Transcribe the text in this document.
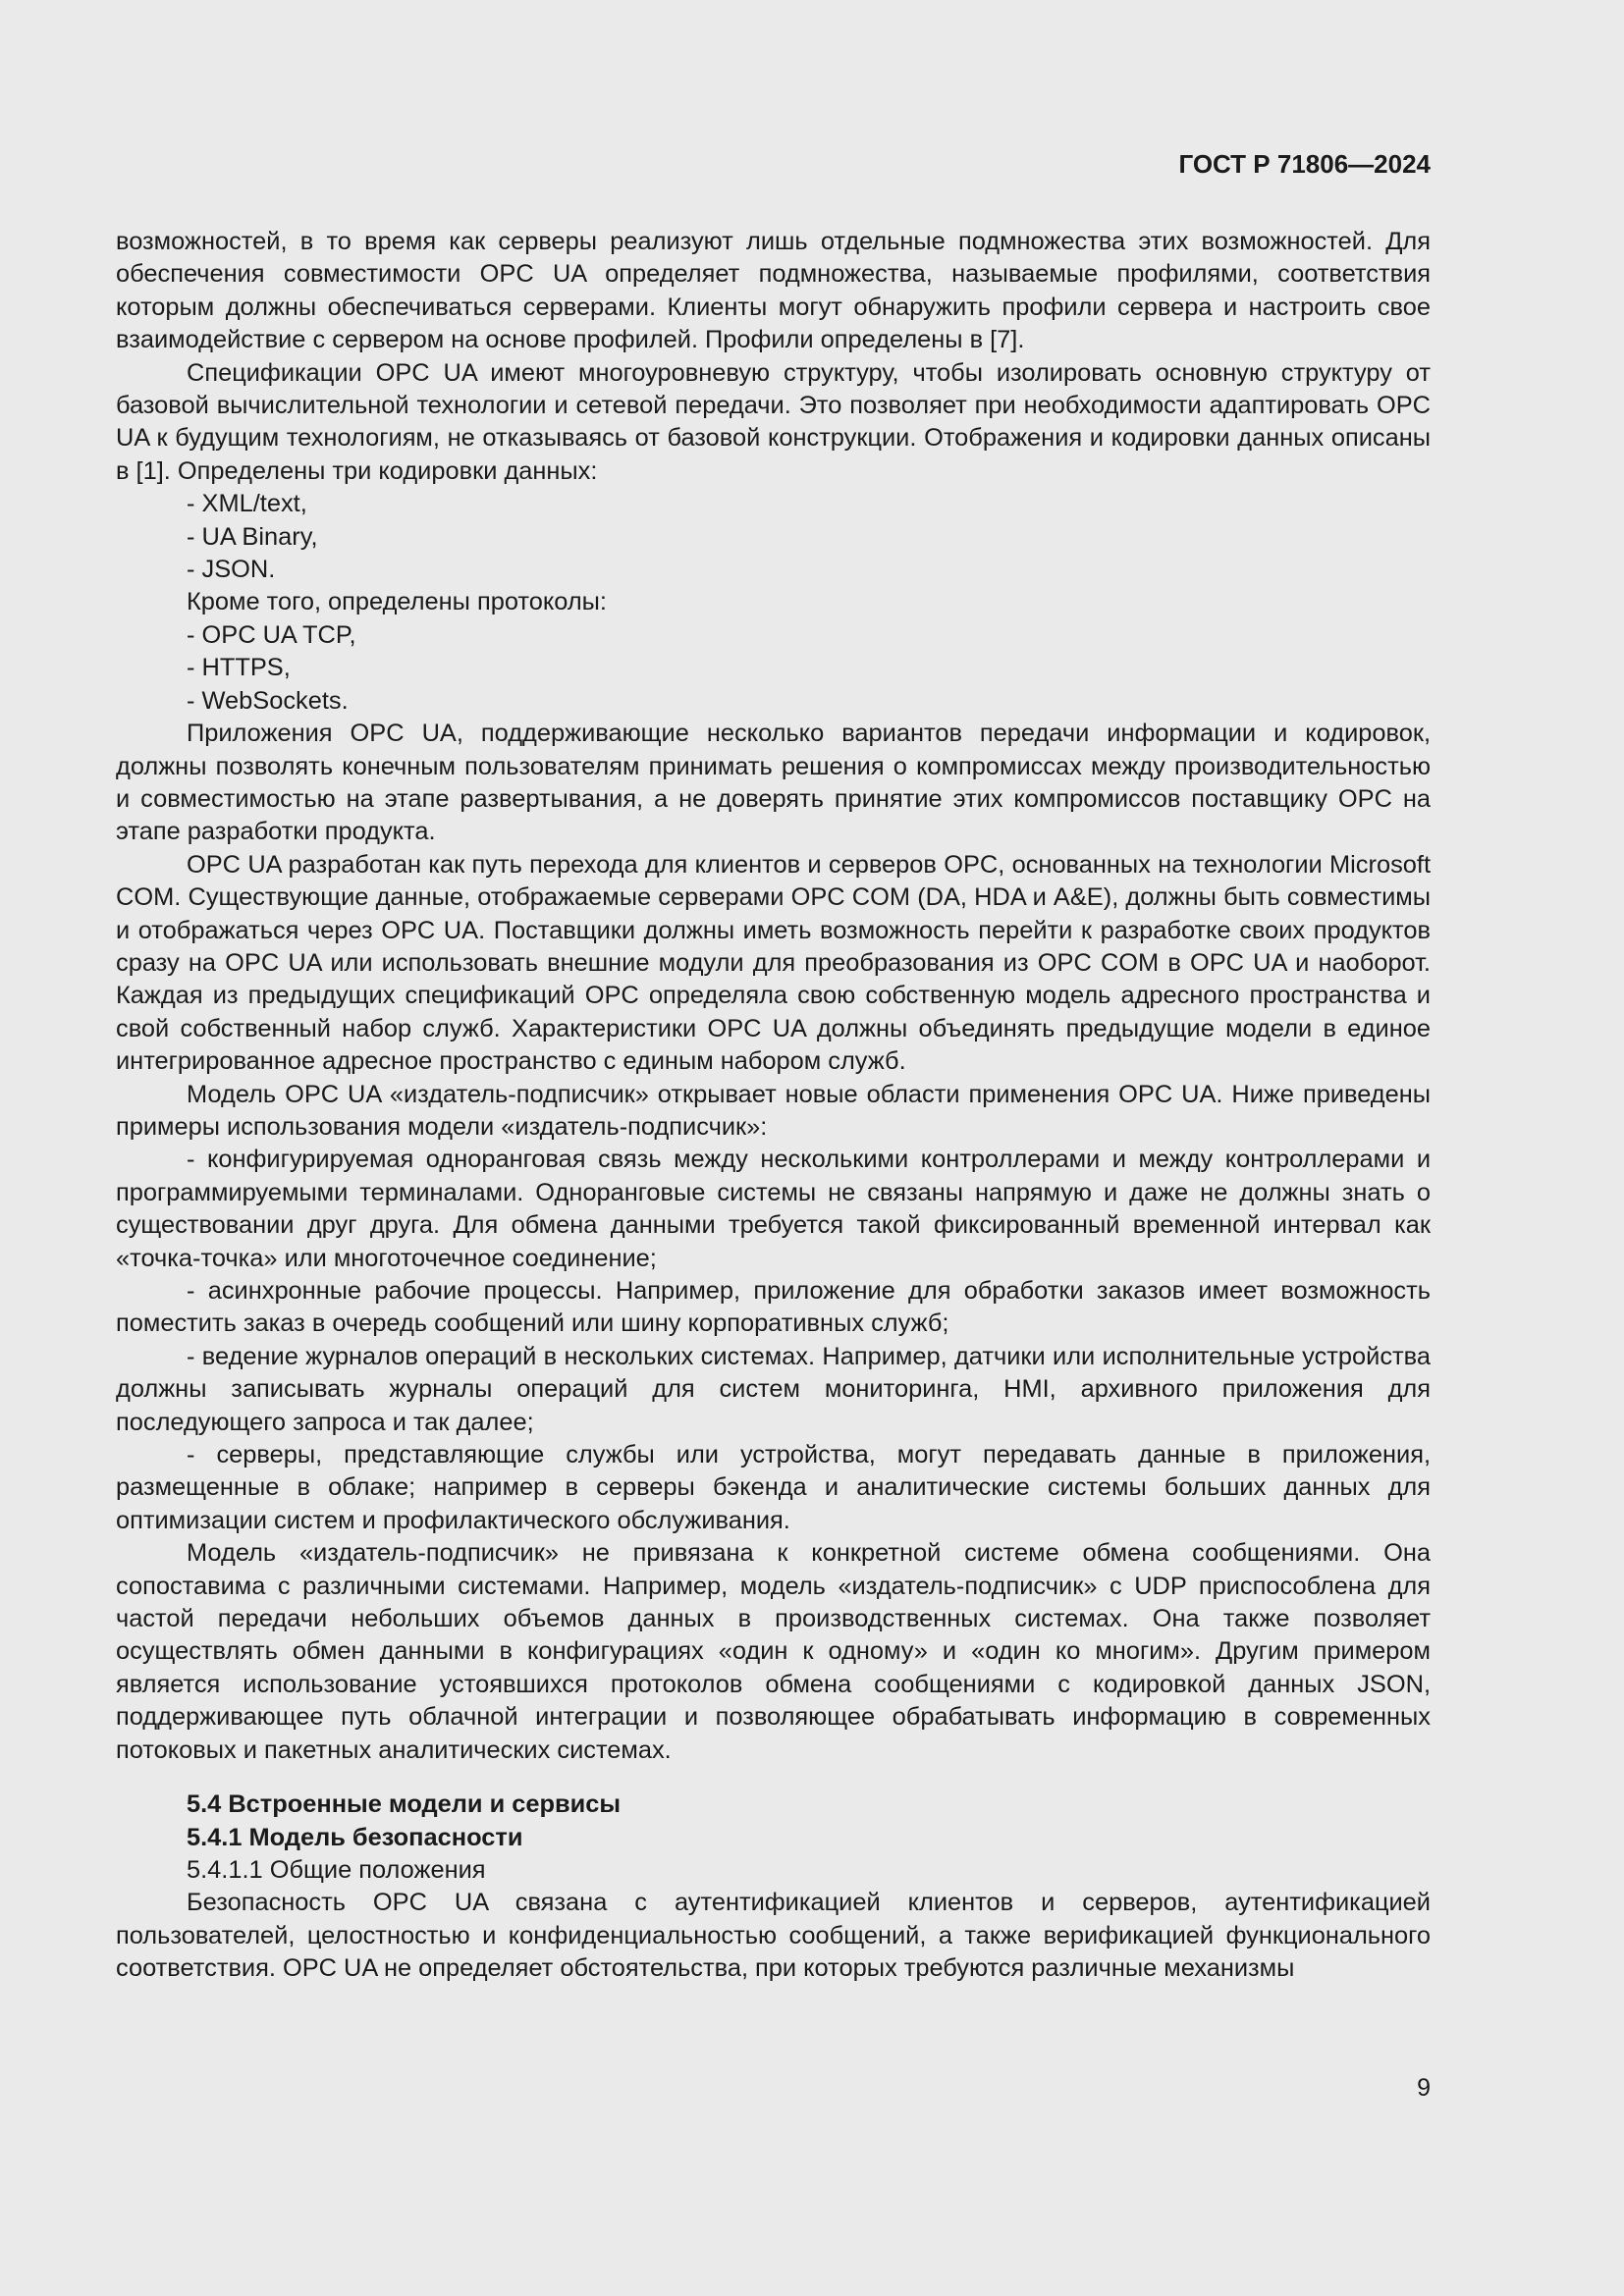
ГОСТ Р 71806—2024

возможностей, в то время как серверы реализуют лишь отдельные подмножества этих возможностей. Для обеспечения совместимости OPC UA определяет подмножества, называемые профилями, соответствия которым должны обеспечиваться серверами. Клиенты могут обнаружить профили сервера и настроить свое взаимодействие с сервером на основе профилей. Профили определены в [7].

Спецификации OPC UA имеют многоуровневую структуру, чтобы изолировать основную структуру от базовой вычислительной технологии и сетевой передачи. Это позволяет при необходимости адаптировать OPC UA к будущим технологиям, не отказываясь от базовой конструкции. Отображения и кодировки данных описаны в [1]. Определены три кодировки данных:

- XML/text,

- UA Binary,

- JSON.

Кроме того, определены протоколы:

- OPC UA TCP,

- HTTPS,

- WebSockets.

Приложения OPC UA, поддерживающие несколько вариантов передачи информации и кодировок, должны позволять конечным пользователям принимать решения о компромиссах между производительностью и совместимостью на этапе развертывания, а не доверять принятие этих компромиссов поставщику OPC на этапе разработки продукта.

OPC UA разработан как путь перехода для клиентов и серверов OPC, основанных на технологии Microsoft COM. Существующие данные, отображаемые серверами OPC COM (DA, HDA и A&E), должны быть совместимы и отображаться через OPC UA. Поставщики должны иметь возможность перейти к разработке своих продуктов сразу на OPC UA или использовать внешние модули для преобразования из OPC COM в OPC UA и наоборот. Каждая из предыдущих спецификаций OPC определяла свою собственную модель адресного пространства и свой собственный набор служб. Характеристики OPC UA должны объединять предыдущие модели в единое интегрированное адресное пространство с единым набором служб.

Модель OPC UA «издатель-подписчик» открывает новые области применения OPC UA. Ниже приведены примеры использования модели «издатель-подписчик»:

- конфигурируемая одноранговая связь между несколькими контроллерами и между контроллерами и программируемыми терминалами. Одноранговые системы не связаны напрямую и даже не должны знать о существовании друг друга. Для обмена данными требуется такой фиксированный временной интервал как «точка-точка» или многоточечное соединение;

- асинхронные рабочие процессы. Например, приложение для обработки заказов имеет возможность поместить заказ в очередь сообщений или шину корпоративных служб;

- ведение журналов операций в нескольких системах. Например, датчики или исполнительные устройства должны записывать журналы операций для систем мониторинга, HMI, архивного приложения для последующего запроса и так далее;

- серверы, представляющие службы или устройства, могут передавать данные в приложения, размещенные в облаке; например в серверы бэкенда и аналитические системы больших данных для оптимизации систем и профилактического обслуживания.

Модель «издатель-подписчик» не привязана к конкретной системе обмена сообщениями. Она сопоставима с различными системами. Например, модель «издатель-подписчик» с UDP приспособлена для частой передачи небольших объемов данных в производственных системах. Она также позволяет осуществлять обмен данными в конфигурациях «один к одному» и «один ко многим». Другим примером является использование устоявшихся протоколов обмена сообщениями с кодировкой данных JSON, поддерживающее путь облачной интеграции и позволяющее обрабатывать информацию в современных потоковых и пакетных аналитических системах.

5.4 Встроенные модели и сервисы

5.4.1 Модель безопасности

5.4.1.1 Общие положения

Безопасность OPC UA связана с аутентификацией клиентов и серверов, аутентификацией пользователей, целостностью и конфиденциальностью сообщений, а также верификацией функционального соответствия. OPC UA не определяет обстоятельства, при которых требуются различные механизмы

9
